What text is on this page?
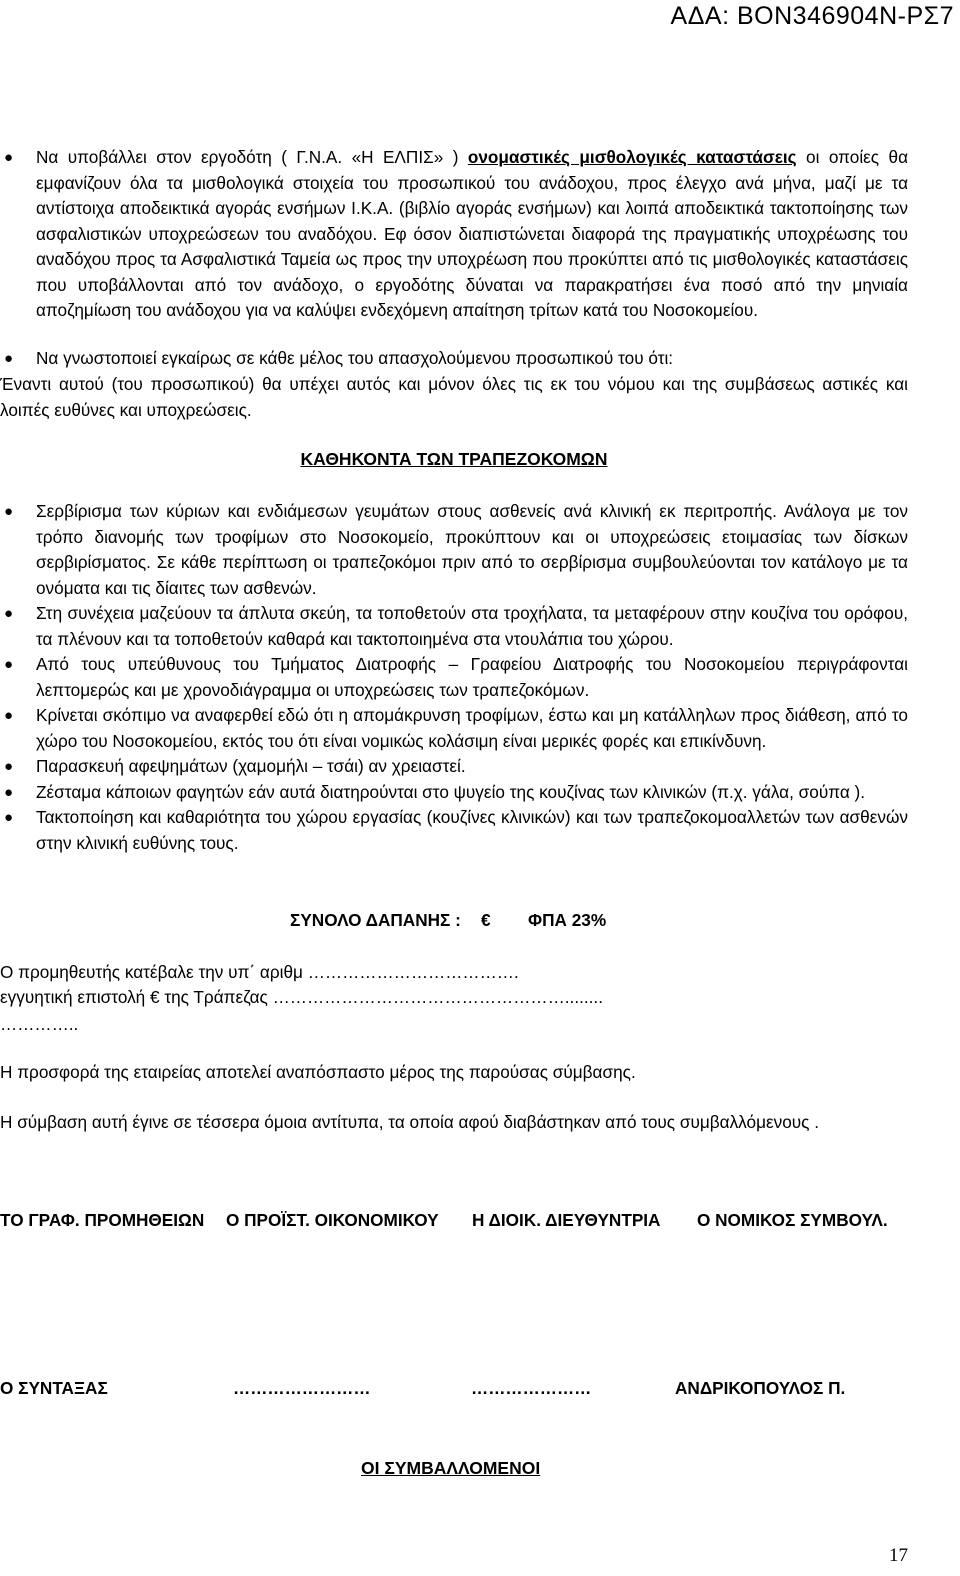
ΑΔΑ: ΒΟΝ346904Ν-ΡΣ7
● Να υποβάλλει στον εργοδότη ( Γ.Ν.Α. «Η ΕΛΠΙΣ» ) ονομαστικές μισθολογικές καταστάσεις οι οποίες θα εμφανίζουν όλα τα μισθολογικά στοιχεία του προσωπικού του ανάδοχου, προς έλεγχο ανά μήνα, μαζί με τα αντίστοιχα αποδεικτικά αγοράς ενσήμων Ι.Κ.Α. (βιβλίο αγοράς ενσήμων) και λοιπά αποδεικτικά τακτοποίησης των ασφαλιστικών υποχρεώσεων του αναδόχου. Εφ όσον διαπιστώνεται διαφορά της πραγματικής υποχρέωσης του αναδόχου προς τα Ασφαλιστικά Ταμεία ως προς την υποχρέωση που προκύπτει από τις μισθολογικές καταστάσεις που υποβάλλονται από τον ανάδοχο, ο εργοδότης δύναται να παρακρατήσει ένα ποσό από την μηνιαία αποζημίωση του ανάδοχου για να καλύψει ενδεχόμενη απαίτηση τρίτων κατά του Νοσοκομείου.
● Να γνωστοποιεί εγκαίρως σε κάθε μέλος του απασχολούμενου προσωπικού του ότι:
Έναντι αυτού (του προσωπικού) θα υπέχει αυτός και μόνον όλες τις εκ του νόμου και της συμβάσεως αστικές και λοιπές ευθύνες και υποχρεώσεις.
ΚΑΘΗΚΟΝΤΑ ΤΩΝ ΤΡΑΠΕΖΟΚΟΜΩΝ
● Σερβίρισμα των κύριων και ενδιάμεσων γευμάτων στους ασθενείς ανά κλινική εκ περιτροπής. Ανάλογα με τον τρόπο διανομής των τροφίμων στο Νοσοκομείο, προκύπτουν και οι υποχρεώσεις ετοιμασίας των δίσκων σερβιρίσματος. Σε κάθε περίπτωση οι τραπεζοκόμοι πριν από το σερβίρισμα συμβουλεύονται τον κατάλογο με τα ονόματα και τις δίαιτες των ασθενών.
● Στη συνέχεια μαζεύουν τα άπλυτα σκεύη, τα τοποθετούν στα τροχήλατα, τα μεταφέρουν στην κουζίνα του ορόφου, τα πλένουν και τα τοποθετούν καθαρά και τακτοποιημένα στα ντουλάπια του χώρου.
● Από τους υπεύθυνους του Τμήματος Διατροφής – Γραφείου Διατροφής του Νοσοκομείου περιγράφονται λεπτομερώς και με χρονοδιάγραμμα οι υποχρεώσεις των τραπεζοκόμων.
● Κρίνεται σκόπιμο να αναφερθεί εδώ ότι η απομάκρυνση τροφίμων, έστω και μη κατάλληλων προς διάθεση, από το χώρο του Νοσοκομείου, εκτός του ότι είναι νομικώς κολάσιμη είναι μερικές φορές και επικίνδυνη.
● Παρασκευή αφεψημάτων (χαμομήλι – τσάι) αν χρειαστεί.
● Ζέσταμα κάποιων φαγητών εάν αυτά διατηρούνται στο ψυγείο της κουζίνας των κλινικών (π.χ. γάλα, σούπα ).
● Τακτοποίηση και καθαριότητα του χώρου εργασίας (κουζίνες κλινικών) και των τραπεζοκομοαλλετών των ασθενών στην κλινική ευθύνης τους.
ΣΥΝΟΛΟ ΔΑΠΑΝΗΣ : € ΦΠΑ 23%
Ο προμηθευτής κατέβαλε την υπ΄ αριθμ ……………………………….
εγγυητική επιστολή € της Τράπεζας ……………………………………………........
…………..
Η προσφορά της εταιρείας αποτελεί αναπόσπαστο μέρος της παρούσας σύμβασης.
Η σύμβαση αυτή έγινε σε τέσσερα όμοια αντίτυπα, τα οποία αφού διαβάστηκαν από τους συμβαλλόμενους .
ΤΟ ΓΡΑΦ. ΠΡΟΜΗΘΕΙΩΝ Ο ΠΡΟΪΣΤ. ΟΙΚΟΝΟΜΙΚΟΥ Η ΔΙΟΙΚ. ΔΙΕΥΘΥΝΤΡΙΑ Ο ΝΟΜΙΚΟΣ ΣΥΜΒΟΥΛ.
Ο ΣΥΝΤΑΞΑΣ	……………………	…………………	ΑΝΔΡΙΚΟΠΟΥΛΟΣ Π.
ΟΙ ΣΥΜΒΑΛΛΟΜΕΝΟΙ
17
